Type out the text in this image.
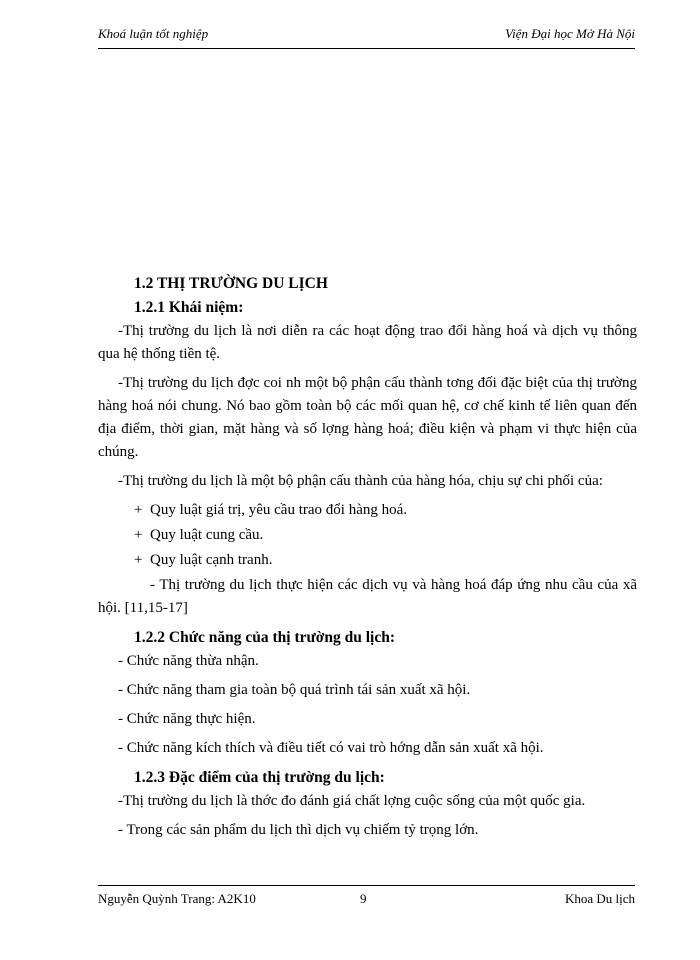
Khoá luận tốt nghiệp	Viện Đại học Mở Hà Nội
1.2 THỊ TRƯỜNG DU LỊCH
1.2.1 Khái niệm:

-Thị trường du lịch là nơi diễn ra các hoạt động trao đổi hàng hoá và dịch vụ thông qua hệ thống tiền tệ.

-Thị trường du lịch đợc coi nh một bộ phận cấu thành tơng đối đặc biệt của thị trường hàng hoá nói chung. Nó bao gồm toàn bộ các mối quan hệ, cơ chế kinh tế liên quan đến địa điểm, thời gian, mặt hàng và số lợng hàng hoá; điều kiện và phạm vi thực hiện của chúng.

-Thị trường du lịch là một bộ phận cấu thành của hàng hóa, chịu sự chi phối của:

+ Quy luật giá trị, yêu cầu trao đổi hàng hoá.

+ Quy luật cung cầu.

+ Quy luật cạnh tranh.

- Thị trường du lịch thực hiện các dịch vụ và hàng hoá đáp ứng nhu cầu của xã hội. [11,15-17]

1.2.2 Chức năng của thị trường du lịch:

- Chức năng thừa nhận.

- Chức năng tham gia toàn bộ quá trình tái sản xuất xã hội.

- Chức năng thực hiện.

- Chức năng kích thích và điều tiết có vai trò hớng dẫn sản xuất xã hội.

1.2.3 Đặc điểm của thị trường du lịch:

-Thị trường du lịch là thớc đo đánh giá chất lợng cuộc sống của một quốc gia.

- Trong các sản phẩm du lịch thì dịch vụ chiếm tỷ trọng lớn.

Nguyễn Quỳnh Trang: A2K10	9	Khoa Du lịch
